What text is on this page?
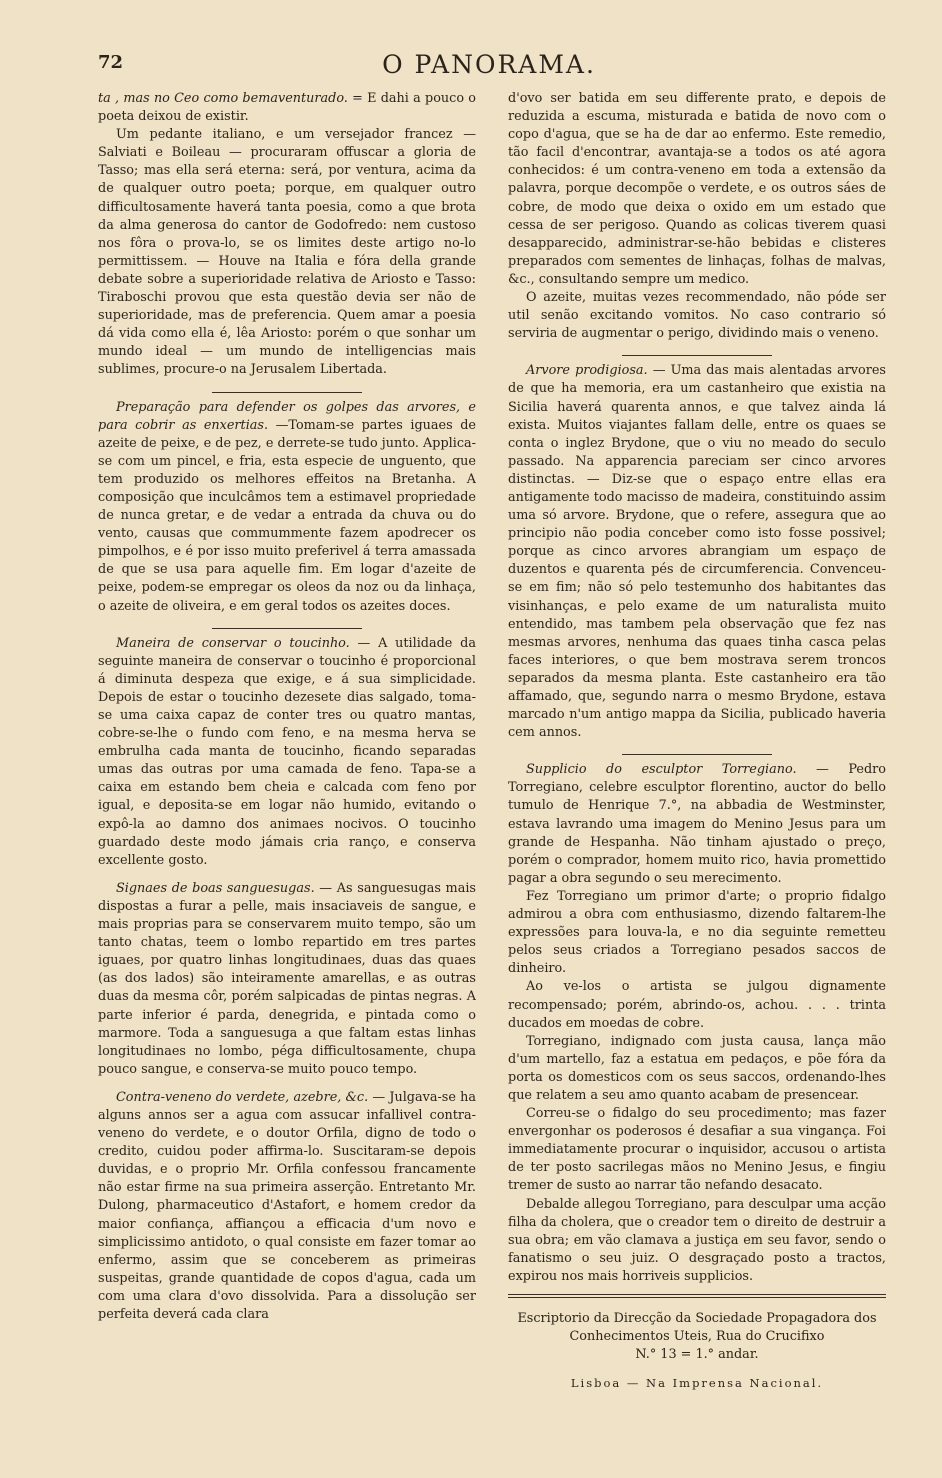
72	O PANORAMA.

ta , mas no Ceo como bemaventurado. = E dahi a pouco o poeta deixou de existir.

Um pedante italiano, e um versejador francez — Salviati e Boileau — procuraram offuscar a gloria de Tasso; mas ella será eterna: será, por ventura, acima da de qualquer outro poeta; porque, em qualquer outro difficultosamente haverá tanta poesia, como a que brota da alma generosa do cantor de Godofredo: nem custoso nos fôra o prova-lo, se os limites deste artigo no-lo permittissem. — Houve na Italia e fóra della grande debate sobre a superioridade relativa de Ariosto e Tasso: Tiraboschi provou que esta questão devia ser não de superioridade, mas de preferencia. Quem amar a poesia dá vida como ella é, lêa Ariosto: porém o que sonhar um mundo ideal — um mundo de intelligencias mais sublimes, procure-o na Jerusalem Libertada.

Preparação para defender os golpes das arvores, e para cobrir as enxertias. —Tomam-se partes iguaes de azeite de peixe, e de pez, e derrete-se tudo junto. Applica-se com um pincel, e fria, esta especie de unguento, que tem produzido os melhores effeitos na Bretanha. A composição que inculcâmos tem a estimavel propriedade de nunca gretar, e de vedar a entrada da chuva ou do vento, causas que commummente fazem apodrecer os pimpolhos, e é por isso muito preferivel á terra amassada de que se usa para aquelle fim. Em logar d'azeite de peixe, podem-se empregar os oleos da noz ou da linhaça, o azeite de oliveira, e em geral todos os azeites doces.

Maneira de conservar o toucinho. — A utilidade da seguinte maneira de conservar o toucinho é proporcional á diminuta despeza que exige, e á sua simplicidade. Depois de estar o toucinho dezesete dias salgado, toma-se uma caixa capaz de conter tres ou quatro mantas, cobre-se-lhe o fundo com feno, e na mesma herva se embrulha cada manta de toucinho, ficando separadas umas das outras por uma camada de feno. Tapa-se a caixa em estando bem cheia e calcada com feno por igual, e deposita-se em logar não humido, evitando o expô-la ao damno dos animaes nocivos. O toucinho guardado deste modo jámais cria ranço, e conserva excellente gosto.

Signaes de boas sanguesugas. — As sanguesugas mais dispostas a furar a pelle, mais insaciaveis de sangue, e mais proprias para se conservarem muito tempo, são um tanto chatas, teem o lombo repartido em tres partes iguaes, por quatro linhas longitudinaes, duas das quaes (as dos lados) são inteiramente amarellas, e as outras duas da mesma côr, porém salpicadas de pintas negras. A parte inferior é parda, denegrida, e pintada como o marmore. Toda a sanguesuga a que faltam estas linhas longitudinaes no lombo, péga difficultosamente, chupa pouco sangue, e conserva-se muito pouco tempo.

Contra-veneno do verdete, azebre, &c. — Julgava-se ha alguns annos ser a agua com assucar infallivel contra-veneno do verdete, e o doutor Orfila, digno de todo o credito, cuidou poder affirma-lo. Suscitaram-se depois duvidas, e o proprio Mr. Orfila confessou francamente não estar firme na sua primeira asserção. Entretanto Mr. Dulong, pharmaceutico d'Astafort, e homem credor da maior confiança, affiançou a efficacia d'um novo e simplicissimo antidoto, o qual consiste em fazer tomar ao enfermo, assim que se conceberem as primeiras suspeitas, grande quantidade de copos d'agua, cada um com uma clara d'ovo dissolvida. Para a dissolução ser perfeita deverá cada clara

d'ovo ser batida em seu differente prato, e depois de reduzida a escuma, misturada e batida de novo com o copo d'agua, que se ha de dar ao enfermo. Este remedio, tão facil d'encontrar, avantaja-se a todos os até agora conhecidos: é um contra-veneno em toda a extensão da palavra, porque decompõe o verdete, e os outros sáes de cobre, de modo que deixa o oxido em um estado que cessa de ser perigoso. Quando as colicas tiverem quasi desapparecido, administrar-se-hão bebidas e clisteres preparados com sementes de linhaças, folhas de malvas, &c., consultando sempre um medico.

O azeite, muitas vezes recommendado, não póde ser util senão excitando vomitos. No caso contrario só serviria de augmentar o perigo, dividindo mais o veneno.

Arvore prodigiosa. — Uma das mais alentadas arvores de que ha memoria, era um castanheiro que existia na Sicilia haverá quarenta annos, e que talvez ainda lá exista. Muitos viajantes fallam delle, entre os quaes se conta o inglez Brydone, que o viu no meado do seculo passado. Na apparencia pareciam ser cinco arvores distinctas. — Diz-se que o espaço entre ellas era antigamente todo macisso de madeira, constituindo assim uma só arvore. Brydone, que o refere, assegura que ao principio não podia conceber como isto fosse possivel; porque as cinco arvores abrangiam um espaço de duzentos e quarenta pés de circumferencia. Convenceu-se em fim; não só pelo testemunho dos habitantes das visinhanças, e pelo exame de um naturalista muito entendido, mas tambem pela observação que fez nas mesmas arvores, nenhuma das quaes tinha casca pelas faces interiores, o que bem mostrava serem troncos separados da mesma planta. Este castanheiro era tão affamado, que, segundo narra o mesmo Brydone, estava marcado n'um antigo mappa da Sicilia, publicado haveria cem annos.

Supplicio do esculptor Torregiano. — Pedro Torregiano, celebre esculptor florentino, auctor do bello tumulo de Henrique 7.°, na abbadia de Westminster, estava lavrando uma imagem do Menino Jesus para um grande de Hespanha. Não tinham ajustado o preço, porém o comprador, homem muito rico, havia promettido pagar a obra segundo o seu merecimento.

Fez Torregiano um primor d'arte; o proprio fidalgo admirou a obra com enthusiasmo, dizendo faltarem-lhe expressões para louva-la, e no dia seguinte remetteu pelos seus criados a Torregiano pesados saccos de dinheiro.

Ao ve-los o artista se julgou dignamente recompensado; porém, abrindo-os, achou. . . . trinta ducados em moedas de cobre.

Torregiano, indignado com justa causa, lança mão d'um martello, faz a estatua em pedaços, e põe fóra da porta os domesticos com os seus saccos, ordenando-lhes que relatem a seu amo quanto acabam de presencear.

Correu-se o fidalgo do seu procedimento; mas fazer envergonhar os poderosos é desafiar a sua vingança. Foi immediatamente procurar o inquisidor, accusou o artista de ter posto sacrilegas mãos no Menino Jesus, e fingiu tremer de susto ao narrar tão nefando desacato.

Debalde allegou Torregiano, para desculpar uma acção filha da cholera, que o creador tem o direito de destruir a sua obra; em vão clamava a justiça em seu favor, sendo o fanatismo o seu juiz. O desgraçado posto a tractos, expirou nos mais horriveis supplicios.

Escriptorio da Direcção da Sociedade Propagadora dos Conhecimentos Uteis, Rua do Crucifixo

N.° 13 = 1.° andar.

Lisboa — Na Imprensa Nacional.
